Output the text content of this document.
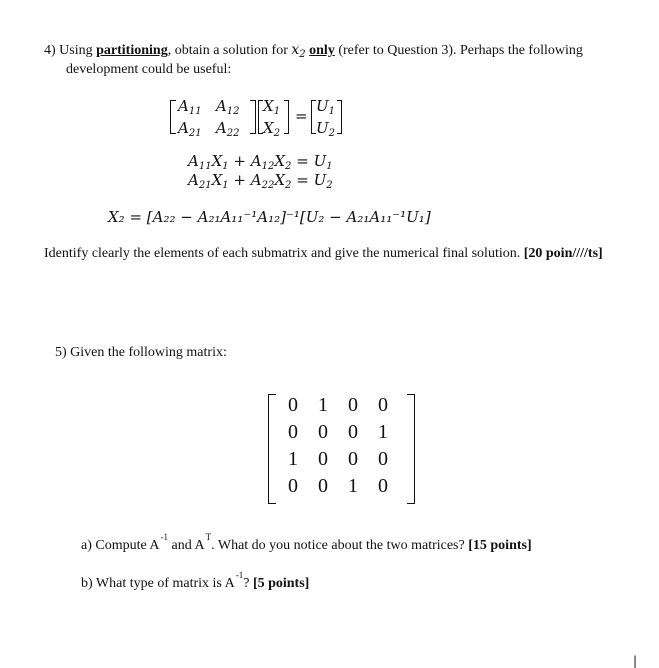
4) Using partitioning, obtain a solution for $x_2$ only (refer to Question 3). Perhaps the following
development could be useful:
$A_{11}$ $A_{12}$
$A_{21}$ $A_{22}$
$X_1$
$X_2$
=
$U_1$
$U_2$
$A_{11}X_1 + A_{12}X_2 = U_1$
$A_{21}X_1 + A_{22}X_2 = U_2$
X₂ = [A₂₂ − A₂₁A₁₁⁻¹A₁₂]⁻¹[U₂ − A₂₁A₁₁⁻¹U₁]
Identify clearly the elements of each submatrix and give the numerical final solution. [20 poin////ts]
5) Given the following matrix:
0	1	0	0
0	0	0	1
1	0	0	0
0	0	1	0
a) Compute $A^{-1}$ and $A^T$. What do you notice about the two matrices? [15 points]
b) What type of matrix is $A^{-1}$? [5 points]
|
